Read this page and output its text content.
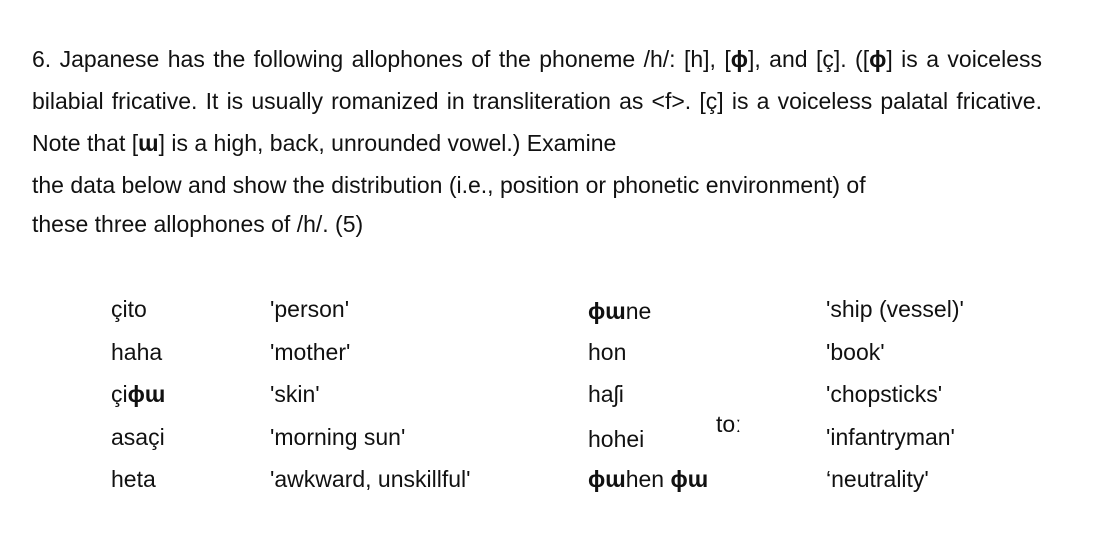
6. Japanese has the following allophones of the phoneme /h/: [h], [ɸ], and [ç]. ([ɸ] is a voiceless bilabial fricative. It is usually romanized in transliteration as <f>. [ç] is a voiceless palatal fricative. Note that [ɯ] is a high, back, unrounded vowel.) Examine

the data below and show the distribution (i.e., position or phonetic environment) of
these three allophones of /h/. (5)
çito	'person'	ɸɯne	'ship (vessel)'
haha	'mother'	hon	'book'
çiɸɯ	'skin'	haʃi	'chopsticks'
asaçi	'morning sun'	hohei	'infantryman'
heta	'awkward, unskillful'	ɸɯhen ɸɯ	‘neutrality'
toː
